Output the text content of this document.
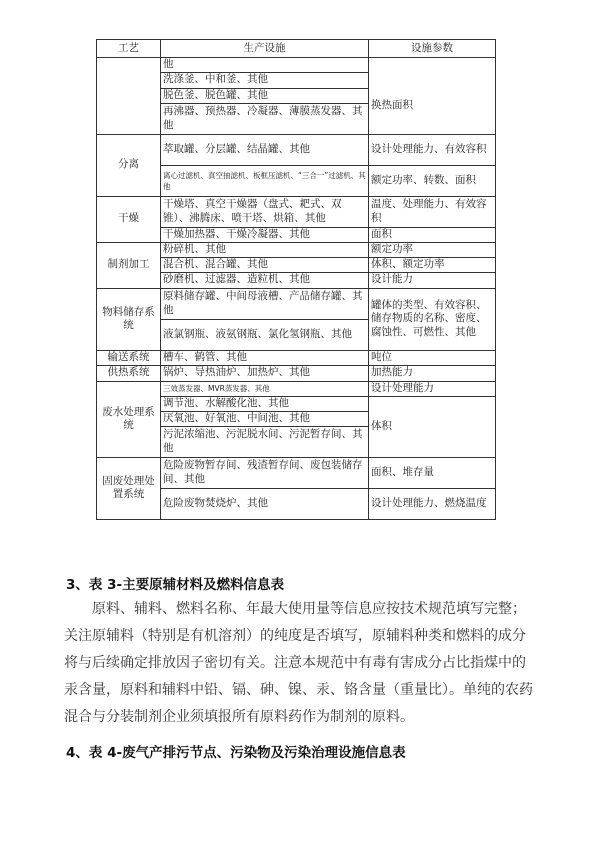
工艺	生产设施	设施参数
	他	换热面积
	洗涤釜、中和釜、其他	
	脱色釜、脱色罐、其他	
	再沸器、预热器、冷凝器、薄膜蒸发器、其他	
分离	萃取罐、分层罐、结晶罐、其他	设计处理能力、有效容积
	离心过滤机、真空抽滤机、板框压滤机、“三合一”过滤机、其他	额定功率、转数、面积
干燥	干燥塔、真空干燥器（盘式、耙式、双锥）、沸腾床、喷干塔、烘箱、其他	温度、处理能力、有效容积
	干燥加热器、干燥冷凝器、其他	面积
制剂加工	粉碎机、其他	额定功率
	混合机、混合罐、其他	体积、额定功率
	砂磨机、过滤器、造粒机、其他	设计能力
物料储存系统	原料储存罐、中间母液槽、产品储存罐、其他	罐体的类型、有效容积、储存物质的名称、密度、腐蚀性、可燃性、其他
	液氯钢瓶、液氨钢瓶、氯化氢钢瓶、其他	
输送系统	槽车、鹤管、其他	吨位
供热系统	锅炉、导热油炉、加热炉、其他	加热能力
废水处理系统	三效蒸发器、MVR蒸发器、其他	设计处理能力
	调节池、水解酸化池、其他	体积
	厌氧池、好氧池、中间池、其他	
	污泥浓缩池、污泥脱水间、污泥暂存间、其他	
固废处理处置系统	危险废物暂存间、残渣暂存间、废包装储存间、其他	面积、堆存量
	危险废物焚烧炉、其他	设计处理能力、燃烧温度
3、表 3-主要原辅材料及燃料信息表
原料、辅料、燃料名称、年最大使用量等信息应按技术规范填写完整；关注原辅料（特别是有机溶剂）的纯度是否填写，原辅料种类和燃料的成分将与后续确定排放因子密切有关。注意本规范中有毒有害成分占比指煤中的汞含量，原料和辅料中铅、镉、砷、镍、汞、铬含量（重量比）。单纯的农药混合与分装制剂企业须填报所有原料药作为制剂的原料。
4、表 4-废气产排污节点、污染物及污染治理设施信息表
